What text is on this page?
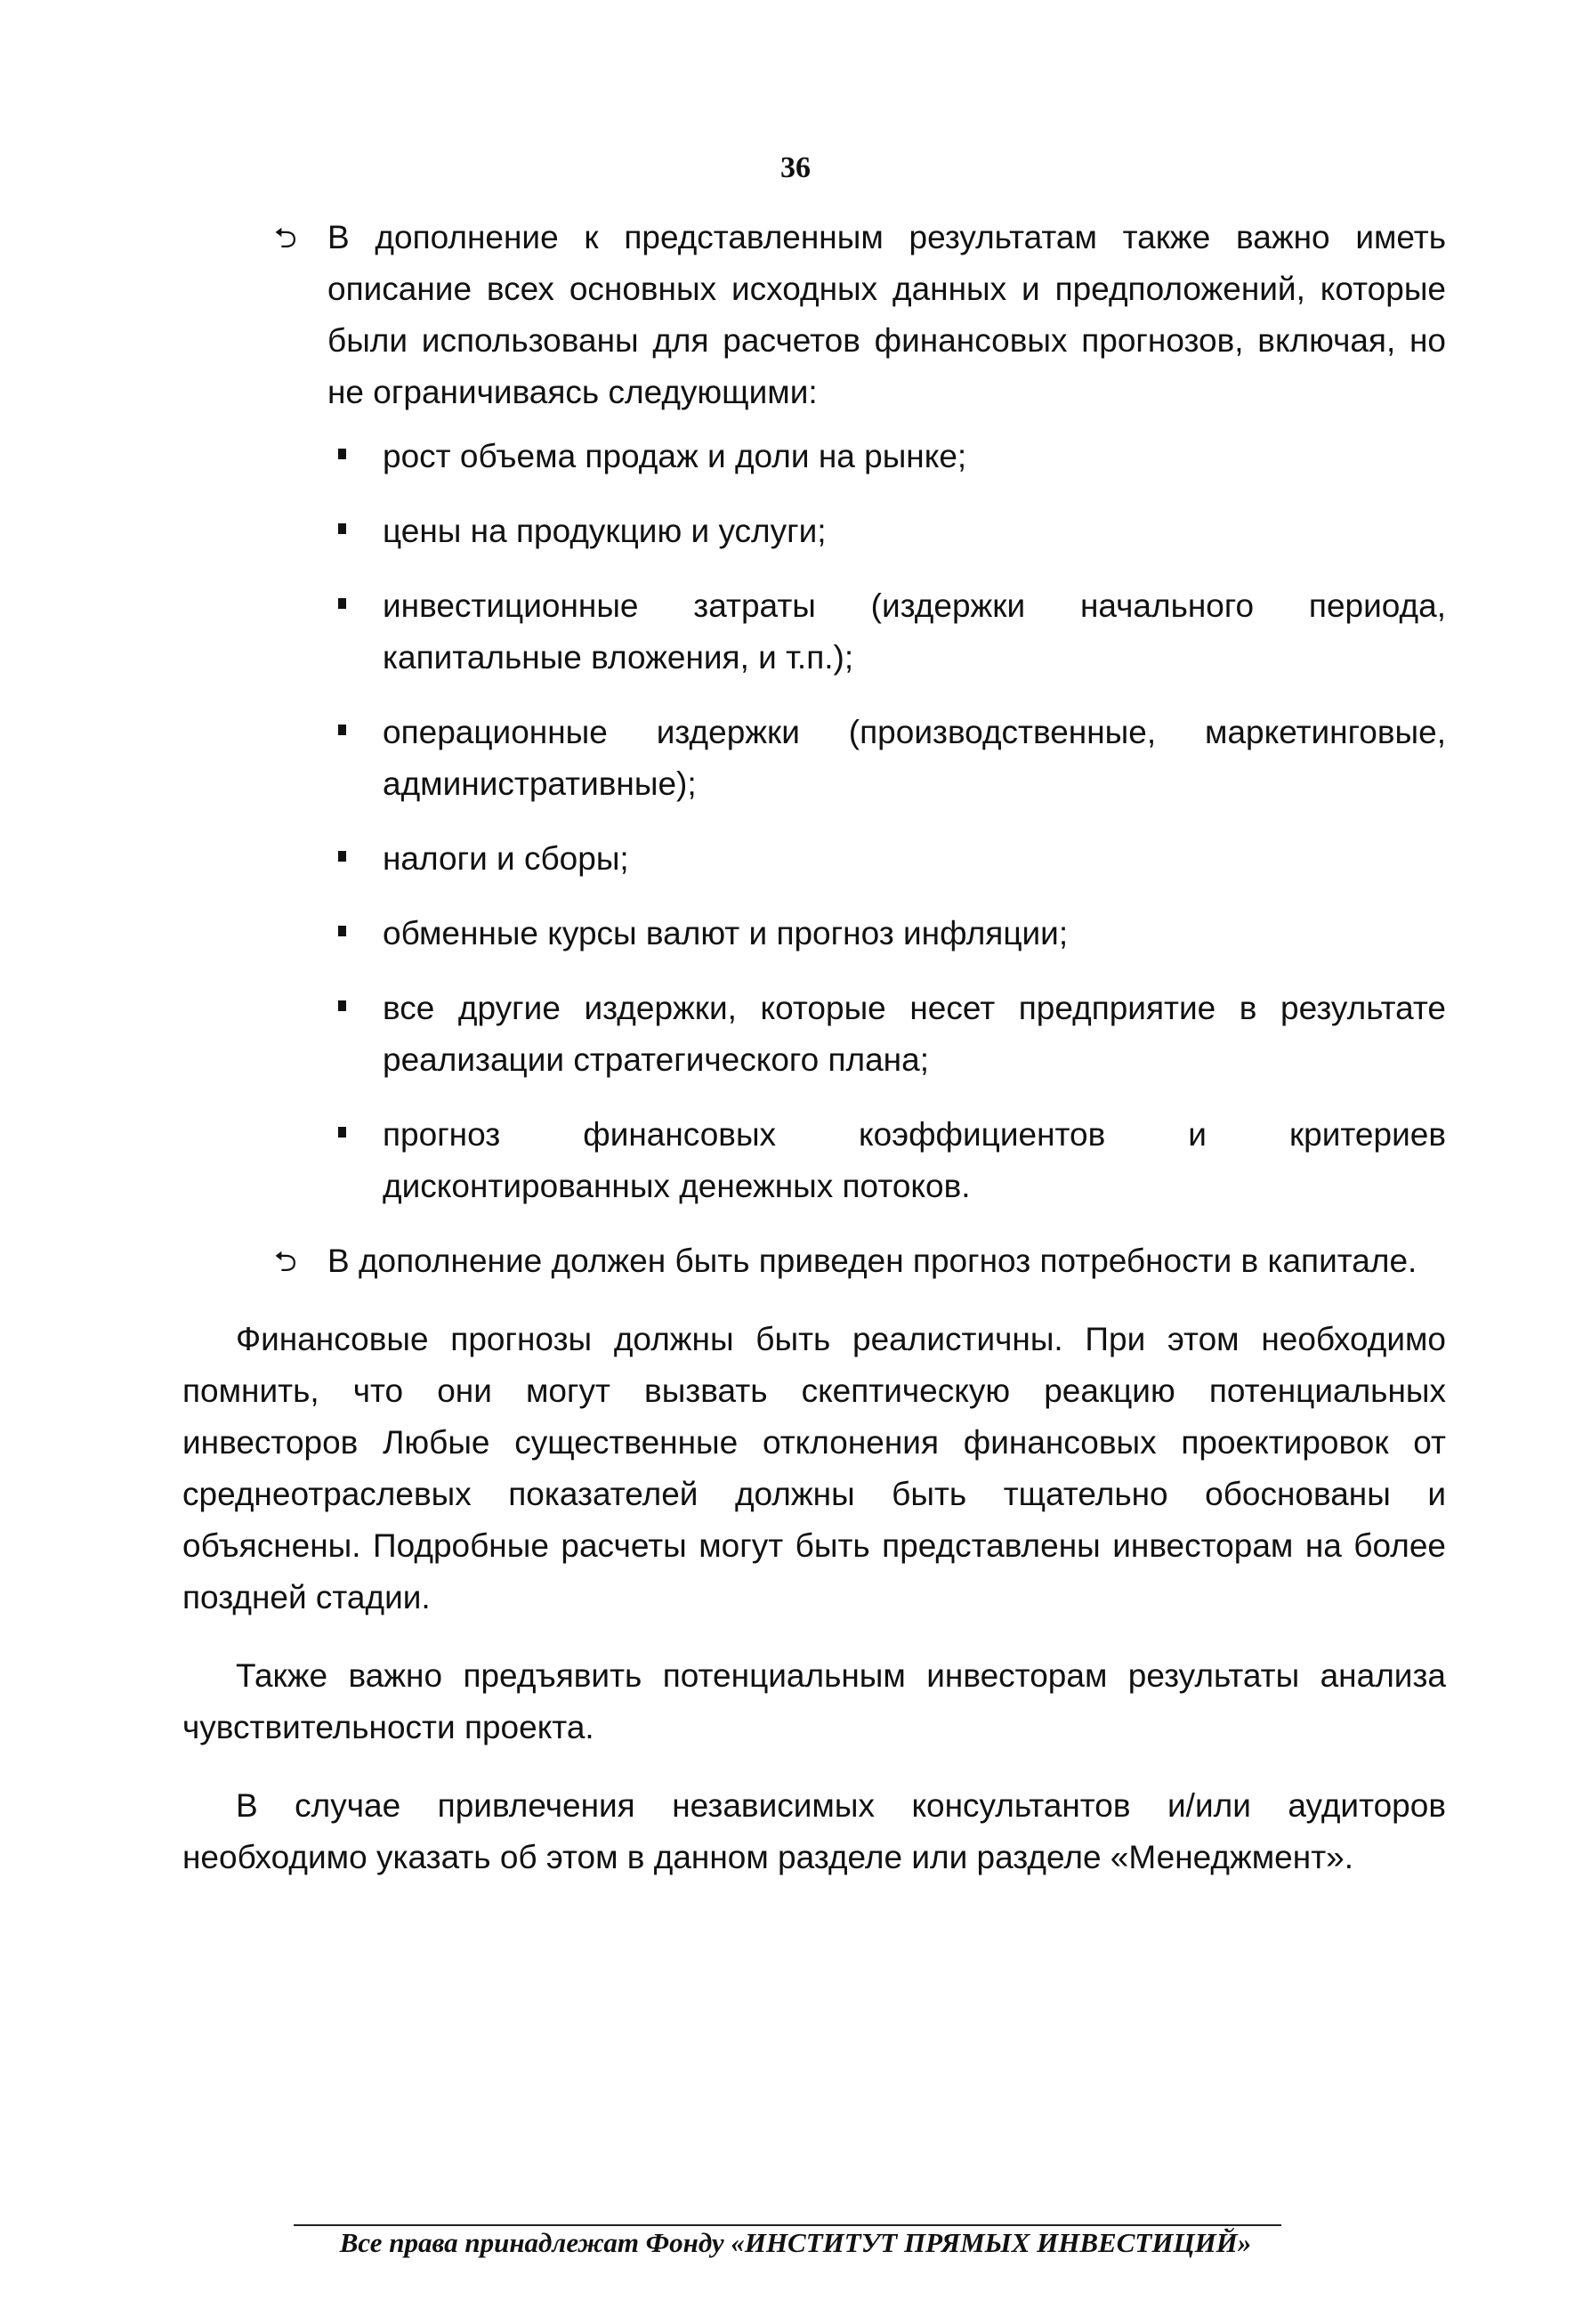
36
⮌ В дополнение к представленным результатам также важно иметь описание всех основных исходных данных и предположений, которые были использованы для расчетов финансовых прогнозов, включая, но не ограничиваясь следующими:

рост объема продаж и доли на рынке;
цены на продукцию и услуги;
инвестиционные затраты (издержки начального периода, капитальные вложения, и т.п.);
операционные издержки (производственные, маркетинговые, административные);
налоги и сборы;
обменные курсы валют и прогноз инфляции;
все другие издержки, которые несет предприятие в результате реализации стратегического плана;
прогноз финансовых коэффициентов и критериев дисконтированных денежных потоков.
⮌ В дополнение должен быть приведен прогноз потребности в капитале.

Финансовые прогнозы должны быть реалистичны. При этом необходимо помнить, что они могут вызвать скептическую реакцию потенциальных инвесторов Любые существенные отклонения финансовых проектировок от среднеотраслевых показателей должны быть тщательно обоснованы и объяснены. Подробные расчеты могут быть представлены инвесторам на более поздней стадии.

Также важно предъявить потенциальным инвесторам результаты анализа чувствительности проекта.

В случае привлечения независимых консультантов и/или аудиторов необходимо указать об этом в данном разделе или разделе «Менеджмент».

Все права принадлежат Фонду «ИНСТИТУТ ПРЯМЫХ ИНВЕСТИЦИЙ»
